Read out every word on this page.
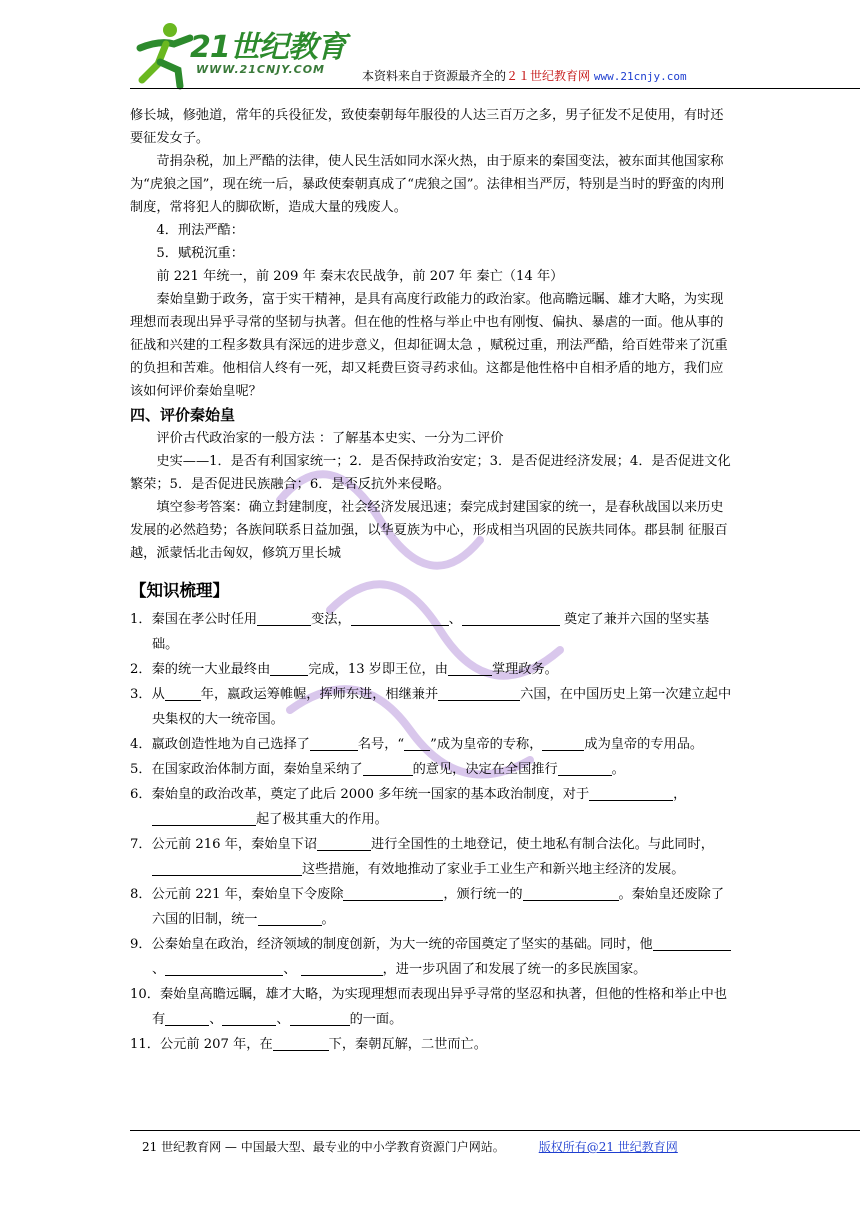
21世纪教育
WWW.21CNJY.COM	本资料来自于资源最齐全的２１世纪教育网 www.21cnjy.com

修长城，修弛道，常年的兵役征发，致使秦朝每年服役的人达三百万之多，男子征发不足使用，有时还要征发女子。

苛捐杂税，加上严酷的法律，使人民生活如同水深火热，由于原来的秦国变法，被东面其他国家称为“虎狼之国”，现在统一后，暴政使秦朝真成了“虎狼之国”。法律相当严厉，特别是当时的野蛮的肉刑制度，常将犯人的脚砍断，造成大量的残废人。

4．刑法严酷：

5．赋税沉重：

前 221 年统一，前 209 年 秦末农民战争，前 207 年 秦亡（14 年）

秦始皇勤于政务，富于实干精神，是具有高度行政能力的政治家。他高瞻远瞩、雄才大略，为实现理想而表现出异乎寻常的坚韧与执著。但在他的性格与举止中也有刚愎、偏执、暴虐的一面。他从事的征战和兴建的工程多数具有深远的进步意义，但却征调太急 ，赋税过重，刑法严酷，给百姓带来了沉重的负担和苦难。他相信人终有一死，却又耗费巨资寻药求仙。这都是他性格中自相矛盾的地方，我们应该如何评价秦始皇呢？

四、评价秦始皇

评价古代政治家的一般方法 ：了解基本史实、一分为二评价

史实——1．是否有利国家统一；2．是否保持政治安定；3．是否促进经济发展；4．是否促进文化繁荣；5．是否促进民族融合；6．是否反抗外来侵略。

填空参考答案：确立封建制度，社会经济发展迅速；秦完成封建国家的统一，是春秋战国以来历史发展的必然趋势；各族间联系日益加强，以华夏族为中心，形成相当巩固的民族共同体。郡县制 征服百越，派蒙恬北击匈奴，修筑万里长城

【知识梳理】

1．秦国在孝公时任用	变法，	、	奠定了兼并六国的坚实基础。

2．秦的统一大业最终由	完成，13 岁即王位，由	掌理政务。

3．从	年，嬴政运筹帷幄，挥师东进，相继兼并	六国，在中国历史上第一次建立起中央集权的大一统帝国。

4．嬴政创造性地为自己选择了	名号，“ ”成为皇帝的专称，	成为皇帝的专用品。

5．在国家政治体制方面，秦始皇采纳了	的意见，决定在全国推行	。

6．秦始皇的政治改革，奠定了此后 2000 多年统一国家的基本政治制度，对于	，起了极其重大的作用。

7．公元前 216 年，秦始皇下诏	进行全国性的土地登记，使土地私有制合法化。与此同时，这些措施，有效地推动了家业手工业生产和新兴地主经济的发展。

8．公元前 221 年，秦始皇下令废除	，颁行统一的	。秦始皇还废除了六国的旧制，统一	。

9．公秦始皇在政治，经济领域的制度创新，为大一统的帝国奠定了坚实的基础。同时，他、	、	，进一步巩固了和发展了统一的多民族国家。

10．秦始皇高瞻远瞩，雄才大略，为实现理想而表现出异乎寻常的坚忍和执著，但他的性格和举止中也有	、	、	的一面。

11．公元前 207 年，在	下，秦朝瓦解，二世而亡。

21 世纪教育网 — 中国最大型、最专业的中小学教育资源门户网站。	版权所有@21 世纪教育网
